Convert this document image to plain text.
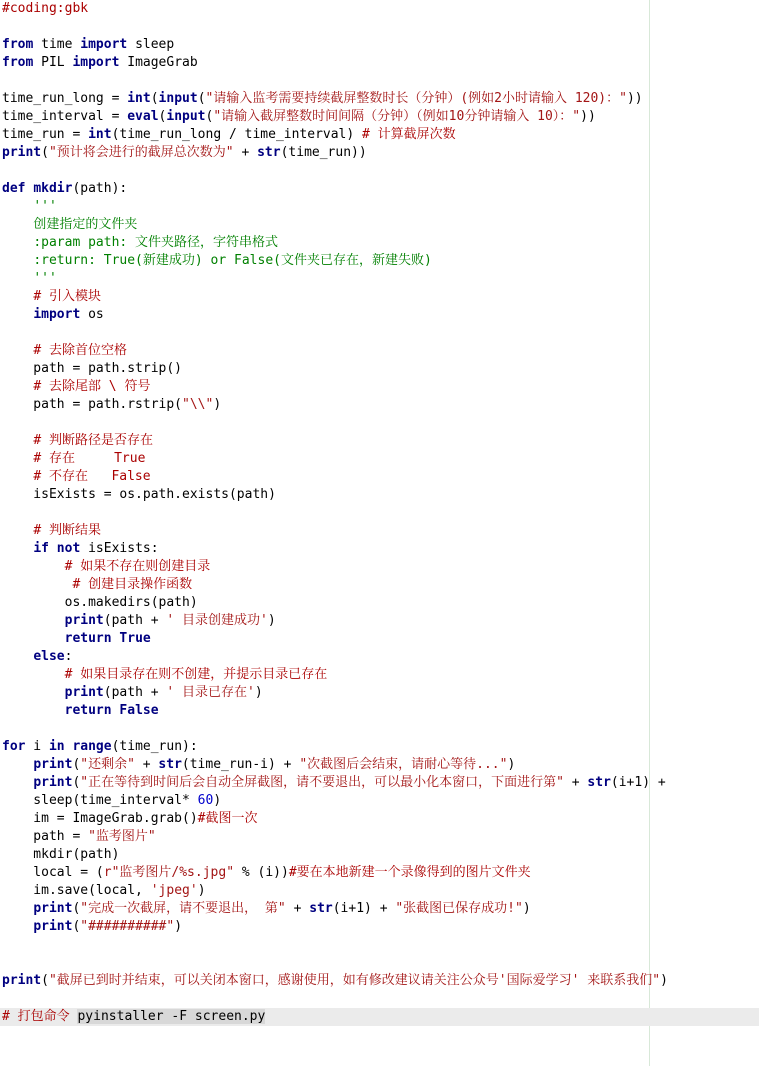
#coding:gbk
from time import sleep
from PIL import ImageGrab
time_run_long = int(input("请输入监考需要持续截屏整数时长（分钟）(例如2小时请输入 120)："))
time_interval = eval(input("请输入截屏整数时间间隔（分钟）（例如10分钟请输入 10）："))
time_run = int(time_run_long / time_interval) # 计算截屏次数
print("预计将会进行的截屏总次数为" + str(time_run))
def mkdir(path):
'''
创建指定的文件夹
:param path: 文件夹路径，字符串格式
:return: True(新建成功) or False(文件夹已存在，新建失败)
'''
# 引入模块
import os
# 去除首位空格
path = path.strip()
# 去除尾部 \ 符号
path = path.rstrip("\\")
# 判断路径是否存在
# 存在     True
# 不存在   False
isExists = os.path.exists(path)
# 判断结果
if not isExists:
# 如果不存在则创建目录
# 创建目录操作函数
os.makedirs(path)
print(path + ' 目录创建成功')
return True
else:
# 如果目录存在则不创建，并提示目录已存在
print(path + ' 目录已存在')
return False
for i in range(time_run):
print("还剩余" + str(time_run-i) + "次截图后会结束，请耐心等待...")
print("正在等待到时间后会自动全屏截图，请不要退出，可以最小化本窗口，下面进行第" + str(i+1) +
sleep(time_interval* 60)
im = ImageGrab.grab()#截图一次
path = "监考图片"
mkdir(path)
local = (r"监考图片/%s.jpg" % (i))#要在本地新建一个录像得到的图片文件夹
im.save(local, 'jpeg')
print("完成一次截屏，请不要退出， 第" + str(i+1) + "张截图已保存成功!")
print("##########")
print("截屏已到时并结束，可以关闭本窗口，感谢使用，如有修改建议请关注公众号'国际爱学习' 来联系我们")
# 打包命令 pyinstaller -F screen.py
